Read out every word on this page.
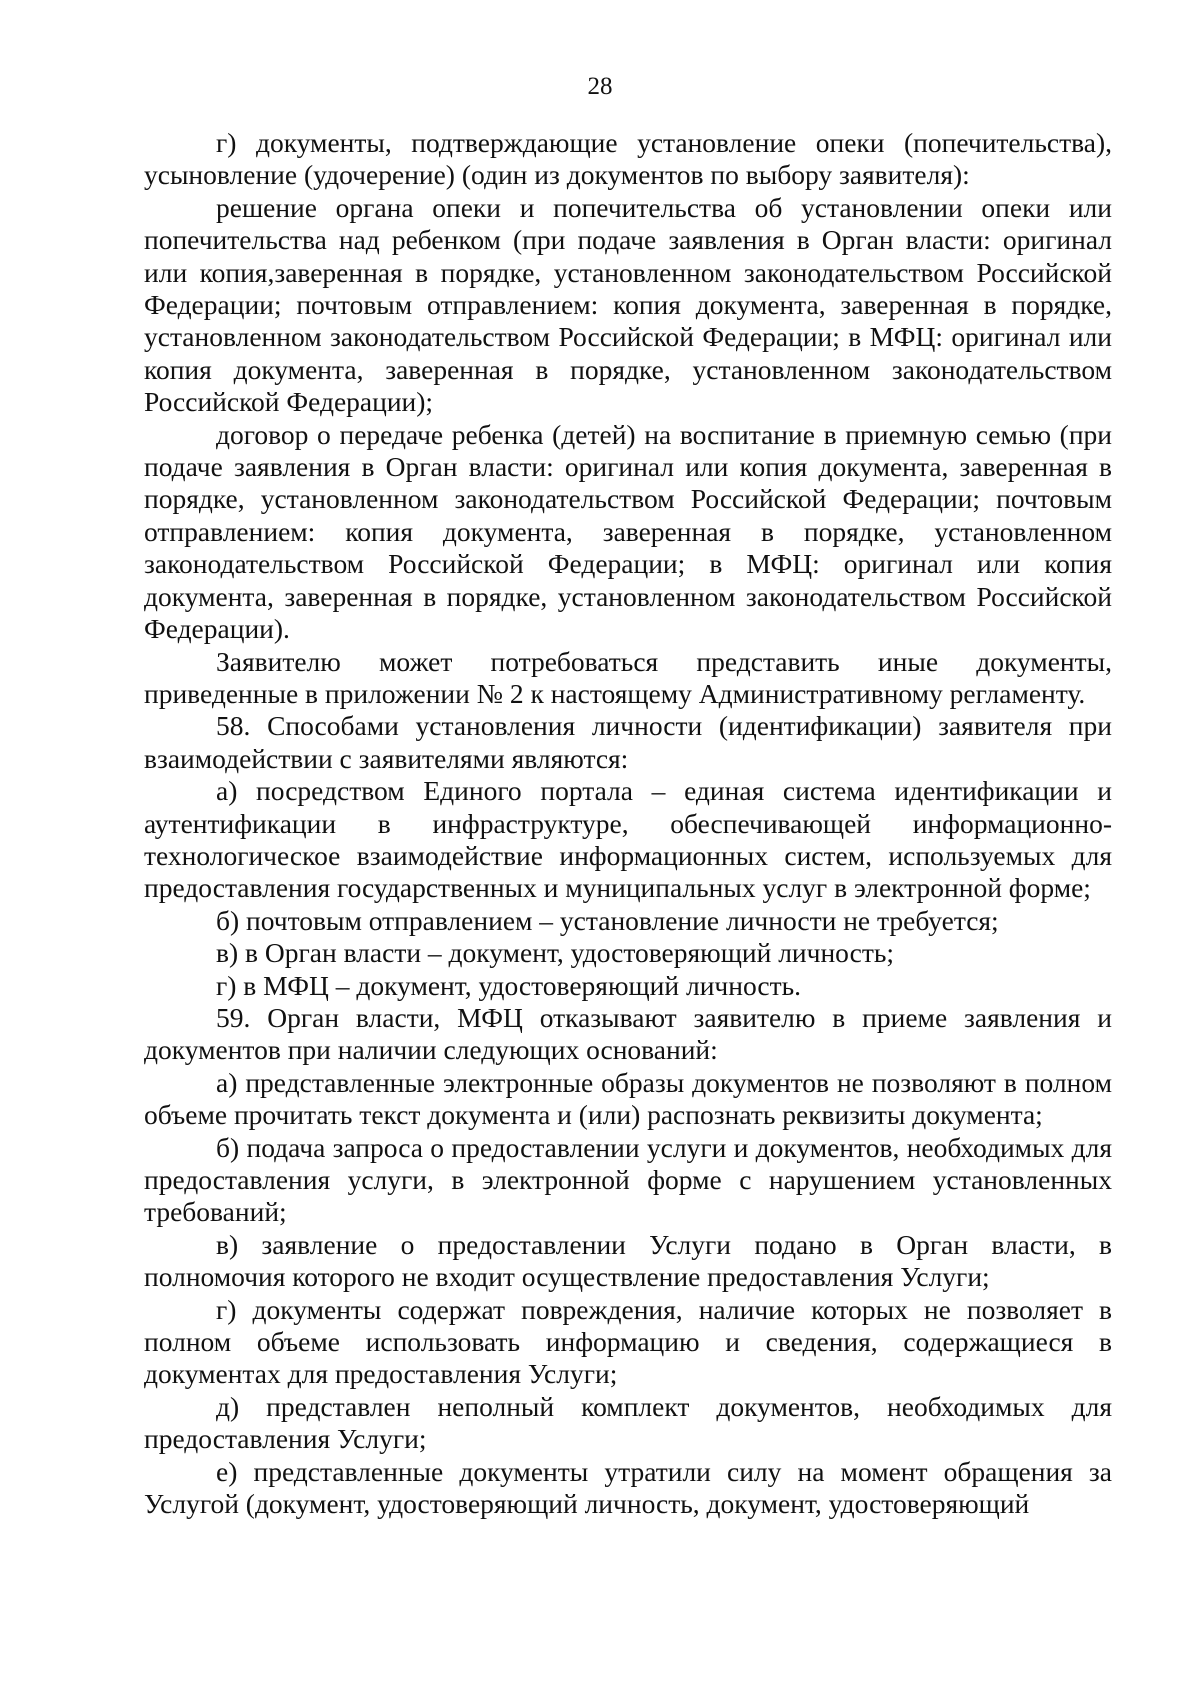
28

г) документы, подтверждающие установление опеки (попечительства), усыновление (удочерение) (один из документов по выбору заявителя):

решение органа опеки и попечительства об установлении опеки или попечительства над ребенком (при подаче заявления в Орган власти: оригинал или копия,заверенная в порядке, установленном законодательством Российской Федерации; почтовым отправлением: копия документа, заверенная в порядке, установленном законодательством Российской Федерации; в МФЦ: оригинал или копия документа, заверенная в порядке, установленном законодательством Российской Федерации);

договор о передаче ребенка (детей) на воспитание в приемную семью (при подаче заявления в Орган власти: оригинал или копия документа, заверенная в порядке, установленном законодательством Российской Федерации; почтовым отправлением: копия документа, заверенная в порядке, установленном законодательством Российской Федерации; в МФЦ: оригинал или копия документа, заверенная в порядке, установленном законодательством Российской Федерации).

Заявителю может потребоваться представить иные документы, приведенные в приложении № 2 к настоящему Административному регламенту.

58. Способами установления личности (идентификации) заявителя при взаимодействии с заявителями являются:

а) посредством Единого портала – единая система идентификации и аутентификации в инфраструктуре, обеспечивающей информационно-технологическое взаимодействие информационных систем, используемых для предоставления государственных и муниципальных услуг в электронной форме;

б) почтовым отправлением – установление личности не требуется;

в) в Орган власти – документ, удостоверяющий личность;

г) в МФЦ – документ, удостоверяющий личность.

59. Орган власти, МФЦ отказывают заявителю в приеме заявления и документов при наличии следующих оснований:

а) представленные электронные образы документов не позволяют в полном объеме прочитать текст документа и (или) распознать реквизиты документа;

б) подача запроса о предоставлении услуги и документов, необходимых для предоставления услуги, в электронной форме с нарушением установленных требований;

в) заявление о предоставлении Услуги подано в Орган власти, в полномочия которого не входит осуществление предоставления Услуги;

г) документы содержат повреждения, наличие которых не позволяет в полном объеме использовать информацию и сведения, содержащиеся в документах для предоставления Услуги;

д) представлен неполный комплект документов, необходимых для предоставления Услуги;

е) представленные документы утратили силу на момент обращения за Услугой (документ, удостоверяющий личность, документ, удостоверяющий
